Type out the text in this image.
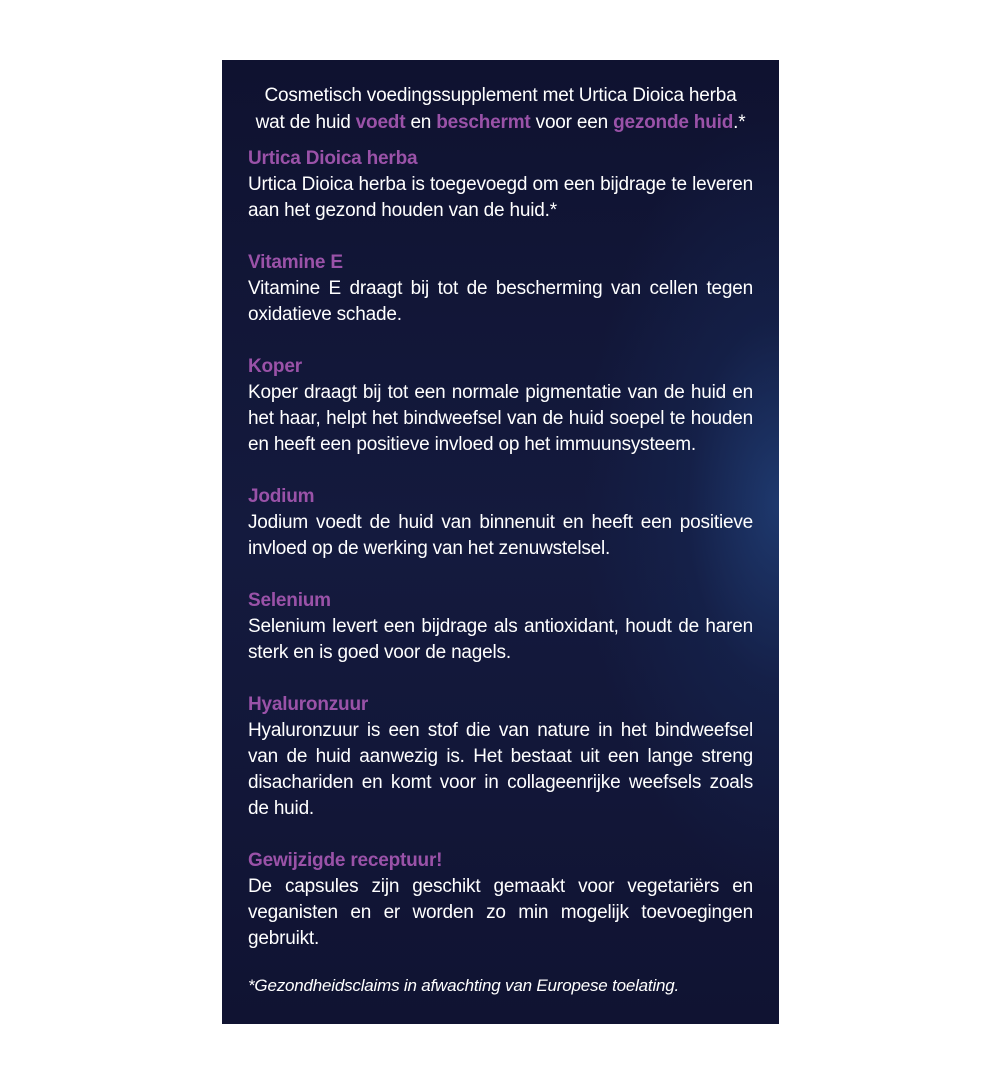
Cosmetisch voedingssupplement met Urtica Dioica herba
wat de huid voedt en beschermt voor een gezonde huid.*

Urtica Dioica herba

Urtica Dioica herba is toegevoegd om een bijdrage te leveren aan het gezond houden van de huid.*

Vitamine E

Vitamine E draagt bij tot de bescherming van cellen tegen oxidatieve schade.

Koper

Koper draagt bij tot een normale pigmentatie van de huid en het haar, helpt het bindweefsel van de huid soepel te houden en heeft een positieve invloed op het immuunsysteem.

Jodium

Jodium voedt de huid van binnenuit en heeft een positieve invloed op de werking van het zenuwstelsel.

Selenium

Selenium levert een bijdrage als antioxidant, houdt de haren sterk en is goed voor de nagels.

Hyaluronzuur

Hyaluronzuur is een stof die van nature in het bindweefsel van de huid aanwezig is. Het bestaat uit een lange streng disachariden en komt voor in collageenrijke weefsels zoals de huid.

Gewijzigde receptuur!

De capsules zijn geschikt gemaakt voor vegetariërs en veganisten en er worden zo min mogelijk toevoegingen gebruikt.

*Gezondheidsclaims in afwachting van Europese toelating.
